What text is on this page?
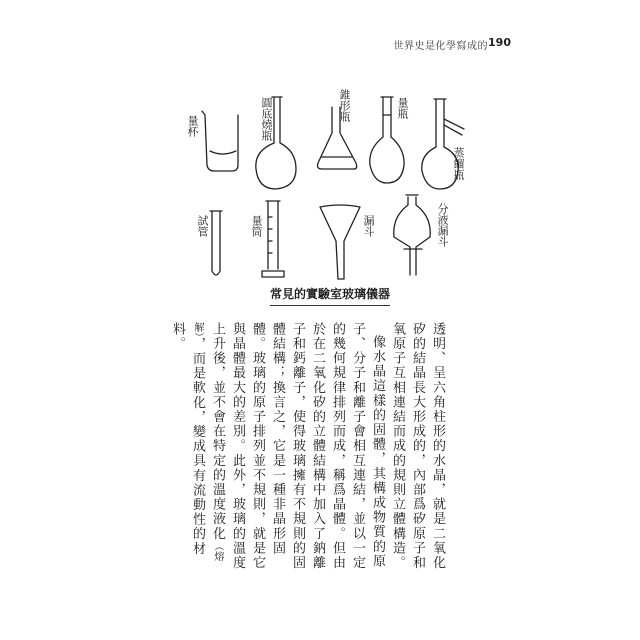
世界史是化學寫成的 190
量杯	圓底燒瓶	錐形瓶	量瓶
蒸餾瓶
試管	量筒	漏斗	分液漏斗
常見的實驗室玻璃儀器

透明、呈六角柱形的水晶，就是二氧化矽的結晶長大形成的，內部爲矽原子和氧原子互相連結而成的規則立體構造。

像水晶這樣的固體，其構成物質的原子、分子和離子會相互連結，並以一定的幾何規律排列而成，稱爲晶體。但由於在二氧化矽的立體結構中加入了鈉離子和鈣離子，使得玻璃擁有不規則的固體結構；換言之，它是一種非晶形固體。玻璃的原子排列並不規則，就是它與晶體最大的差別。此外，玻璃的溫度上升後，並不會在特定的溫度液化（熔解），而是軟化，變成具有流動性的材料。
